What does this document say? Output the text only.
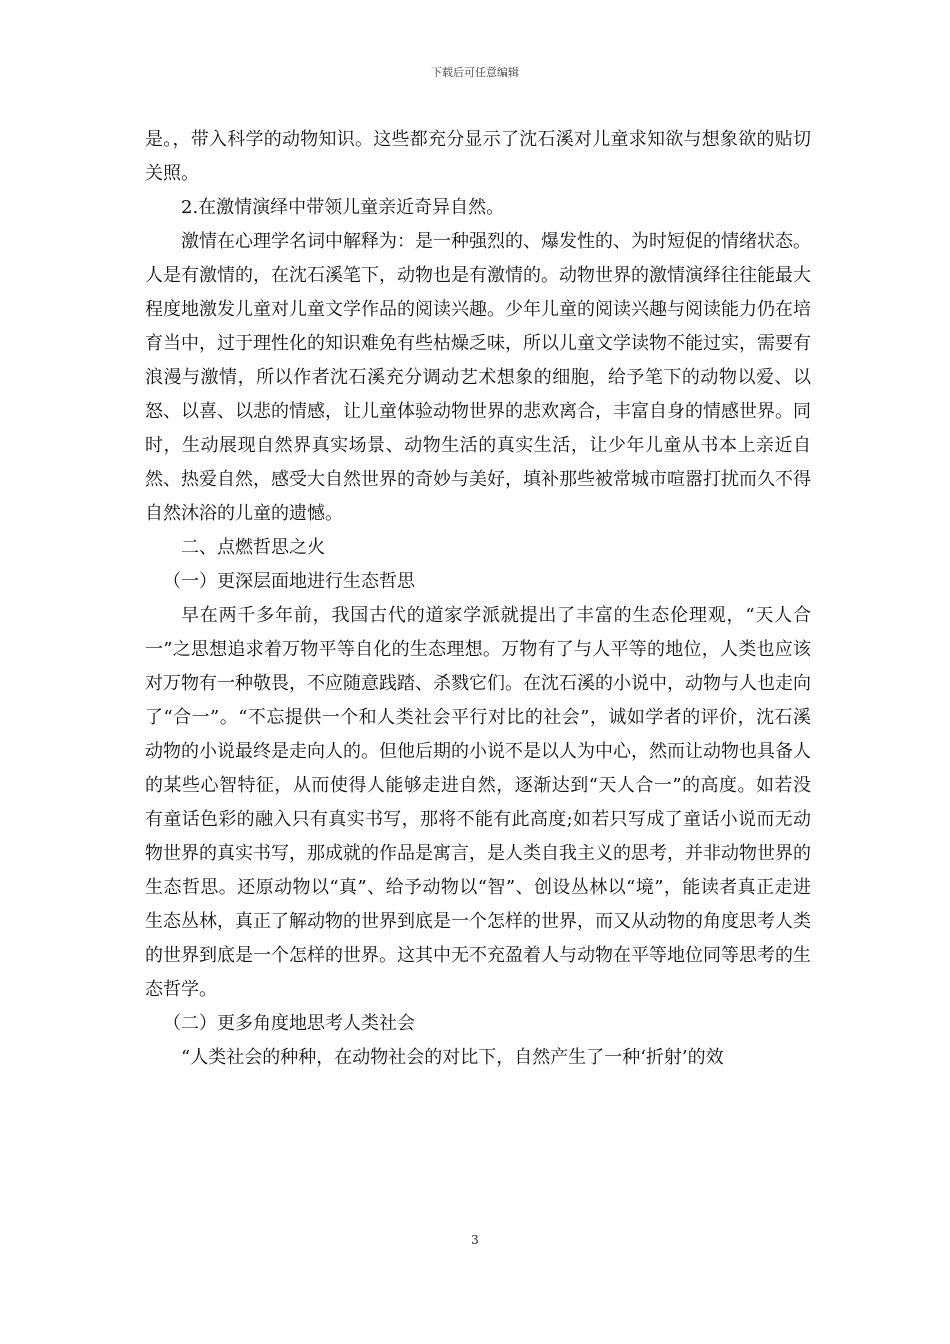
下载后可任意编辑

是。，带入科学的动物知识。这些都充分显示了沈石溪对儿童求知欲与想象欲的贴切关照。

2.在激情演绎中带领儿童亲近奇异自然。

激情在心理学名词中解释为：是一种强烈的、爆发性的、为时短促的情绪状态。人是有激情的，在沈石溪笔下，动物也是有激情的。动物世界的激情演绎往往能最大程度地激发儿童对儿童文学作品的阅读兴趣。少年儿童的阅读兴趣与阅读能力仍在培育当中，过于理性化的知识难免有些枯燥乏味，所以儿童文学读物不能过实，需要有浪漫与激情，所以作者沈石溪充分调动艺术想象的细胞，给予笔下的动物以爱、以怒、以喜、以悲的情感，让儿童体验动物世界的悲欢离合，丰富自身的情感世界。同时，生动展现自然界真实场景、动物生活的真实生活，让少年儿童从书本上亲近自然、热爱自然，感受大自然世界的奇妙与美好，填补那些被常城市喧嚣打扰而久不得自然沐浴的儿童的遗憾。

二、点燃哲思之火

（一）更深层面地进行生态哲思

早在两千多年前，我国古代的道家学派就提出了丰富的生态伦理观，“天人合一”之思想追求着万物平等自化的生态理想。万物有了与人平等的地位，人类也应该对万物有一种敬畏，不应随意践踏、杀戮它们。在沈石溪的小说中，动物与人也走向了“合一”。“不忘提供一个和人类社会平行对比的社会”，诚如学者的评价，沈石溪动物的小说最终是走向人的。但他后期的小说不是以人为中心，然而让动物也具备人的某些心智特征，从而使得人能够走进自然，逐渐达到“天人合一”的高度。如若没有童话色彩的融入只有真实书写，那将不能有此高度;如若只写成了童话小说而无动物世界的真实书写，那成就的作品是寓言，是人类自我主义的思考，并非动物世界的生态哲思。还原动物以“真”、给予动物以“智”、创设丛林以“境”，能读者真正走进生态丛林，真正了解动物的世界到底是一个怎样的世界，而又从动物的角度思考人类的世界到底是一个怎样的世界。这其中无不充盈着人与动物在平等地位同等思考的生态哲学。

（二）更多角度地思考人类社会

“人类社会的种种，在动物社会的对比下，自然产生了一种‘折射’的效

3
